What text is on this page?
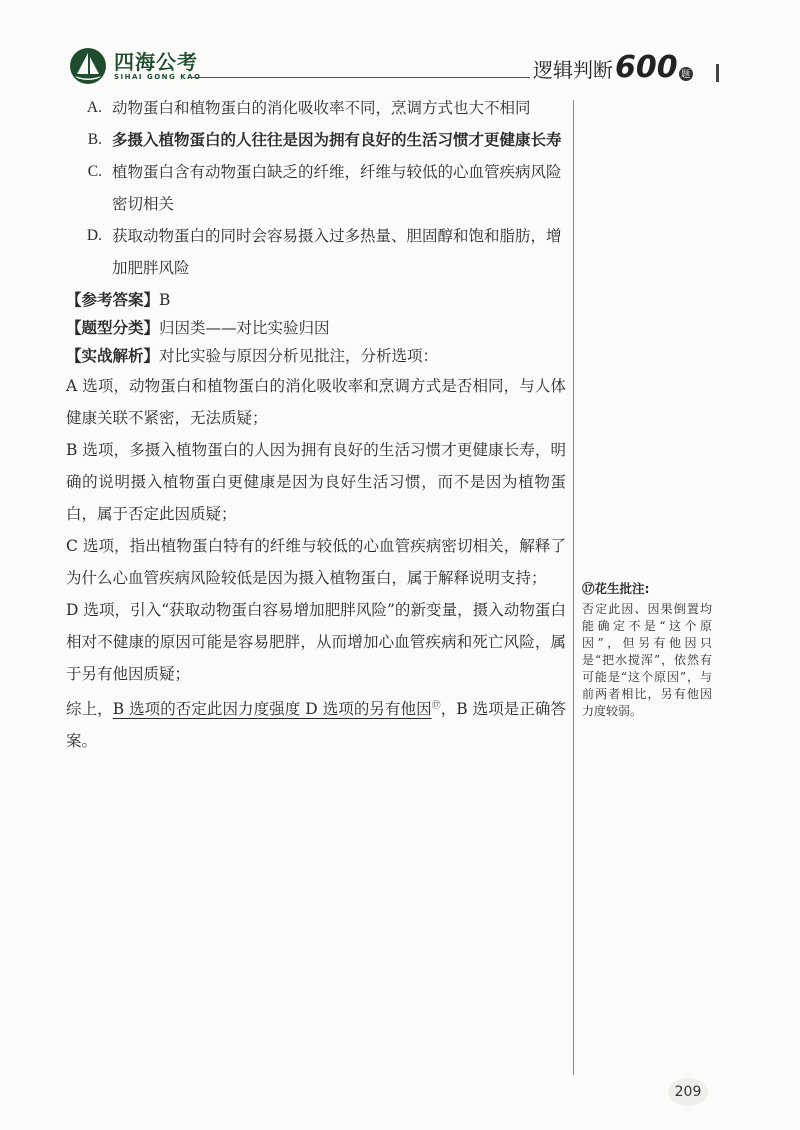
四海公考
SIHAI GONG KAO	逻辑判断 600 题
A. 动物蛋白和植物蛋白的消化吸收率不同，烹调方式也大不相同
B. 多摄入植物蛋白的人往往是因为拥有良好的生活习惯才更健康长寿
C. 植物蛋白含有动物蛋白缺乏的纤维，纤维与较低的心血管疾病风险密切相关
D. 获取动物蛋白的同时会容易摄入过多热量、胆固醇和饱和脂肪，增加肥胖风险
【参考答案】B
【题型分类】归因类——对比实验归因
【实战解析】对比实验与原因分析见批注，分析选项：
A 选项，动物蛋白和植物蛋白的消化吸收率和烹调方式是否相同，与人体健康关联不紧密，无法质疑；
B 选项，多摄入植物蛋白的人因为拥有良好的生活习惯才更健康长寿，明确的说明摄入植物蛋白更健康是因为良好生活习惯，而不是因为植物蛋白，属于否定此因质疑；
C 选项，指出植物蛋白特有的纤维与较低的心血管疾病密切相关，解释了为什么心血管疾病风险较低是因为摄入植物蛋白，属于解释说明支持；
D 选项，引入“获取动物蛋白容易增加肥胖风险”的新变量，摄入动物蛋白相对不健康的原因可能是容易肥胖，从而增加心血管疾病和死亡风险，属于另有他因质疑；
综上，B 选项的否定此因力度强度 D 选项的另有他因⑰，B 选项是正确答案。
⑰花生批注:
否定此因、因果倒置均能确定不是“这个原因”，但另有他因只是“把水搅浑”，依然有可能是“这个原因”，与前两者相比，另有他因力度较弱。
209
